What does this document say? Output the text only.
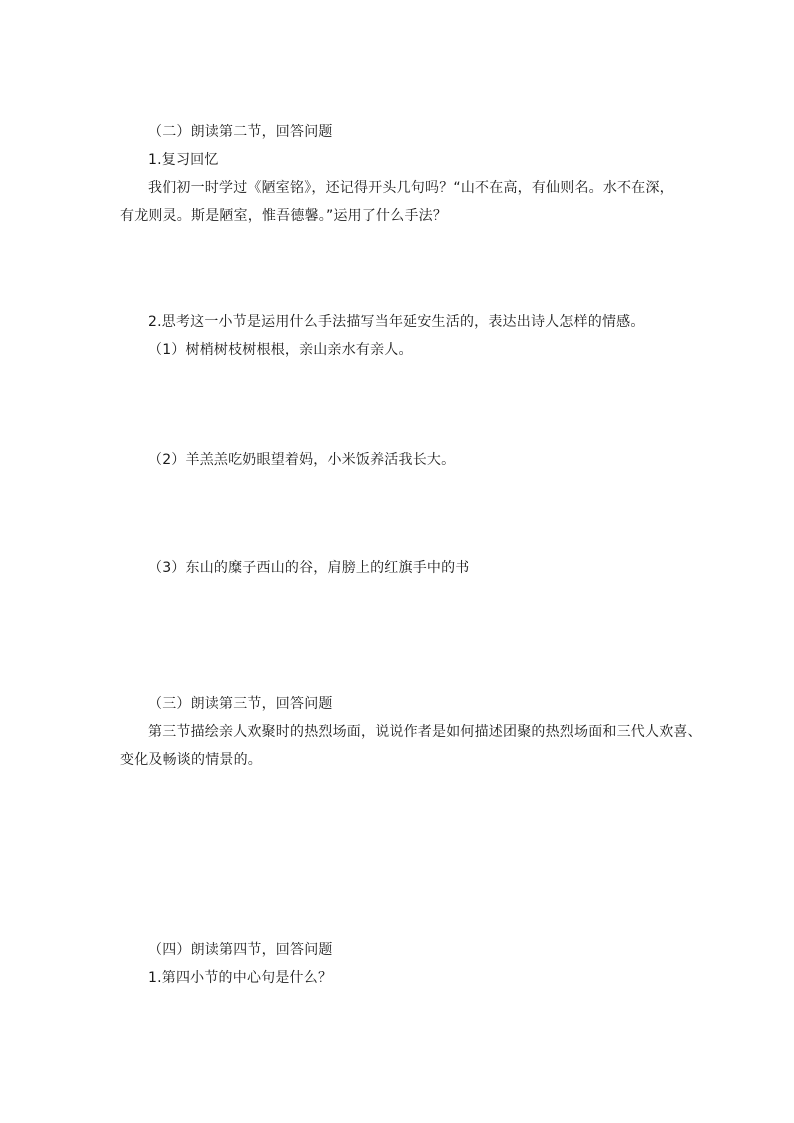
（二）朗读第二节，回答问题
1.复习回忆
我们初一时学过《陋室铭》，还记得开头几句吗？“山不在高，有仙则名。水不在深，
有龙则灵。斯是陋室，惟吾德馨。”运用了什么手法？
2.思考这一小节是运用什么手法描写当年延安生活的，表达出诗人怎样的情感。
（1）树梢树枝树根根，亲山亲水有亲人。
（2）羊羔羔吃奶眼望着妈，小米饭养活我长大。
（3）东山的糜子西山的谷，肩膀上的红旗手中的书
（三）朗读第三节，回答问题
第三节描绘亲人欢聚时的热烈场面，说说作者是如何描述团聚的热烈场面和三代人欢喜、
变化及畅谈的情景的。
（四）朗读第四节，回答问题
1.第四小节的中心句是什么？
